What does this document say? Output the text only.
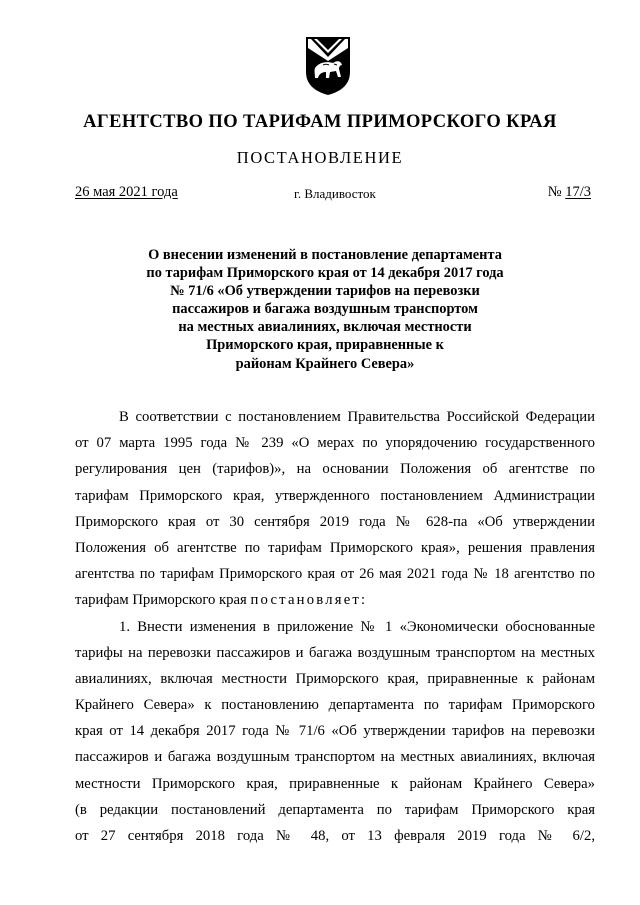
АГЕНТСТВО ПО ТАРИФАМ ПРИМОРСКОГО КРАЯ
ПОСТАНОВЛЕНИЕ
26 мая 2021 года	г. Владивосток	№ 17/3
О внесении изменений в постановление департамента
по тарифам Приморского края от 14 декабря 2017 года
№ 71/6 «Об утверждении тарифов на перевозки
пассажиров и багажа воздушным транспортом
на местных авиалиниях, включая местности
Приморского края, приравненные к
районам Крайнего Севера»
В соответствии с постановлением Правительства Российской Федерации
от 07 марта 1995 года № 239 «О мерах по упорядочению государственного
регулирования цен (тарифов)», на основании Положения об агентстве по
тарифам Приморского края, утвержденного постановлением Администрации
Приморского края от 30 сентября 2019 года № 628-па «Об утверждении
Положения об агентстве по тарифам Приморского края», решения правления
агентства по тарифам Приморского края от 26 мая 2021 года № 18 агентство по
тарифам Приморского края постановляет:
1. Внести изменения в приложение № 1 «Экономически обоснованные
тарифы на перевозки пассажиров и багажа воздушным транспортом на местных
авиалиниях, включая местности Приморского края, приравненные к районам
Крайнего Севера» к постановлению департамента по тарифам Приморского
края от 14 декабря 2017 года № 71/6 «Об утверждении тарифов на перевозки
пассажиров и багажа воздушным транспортом на местных авиалиниях, включая
местности Приморского края, приравненные к районам Крайнего Севера»
(в редакции постановлений департамента по тарифам Приморского края
от 27 сентября 2018 года № 48, от 13 февраля 2019 года № 6/2,
